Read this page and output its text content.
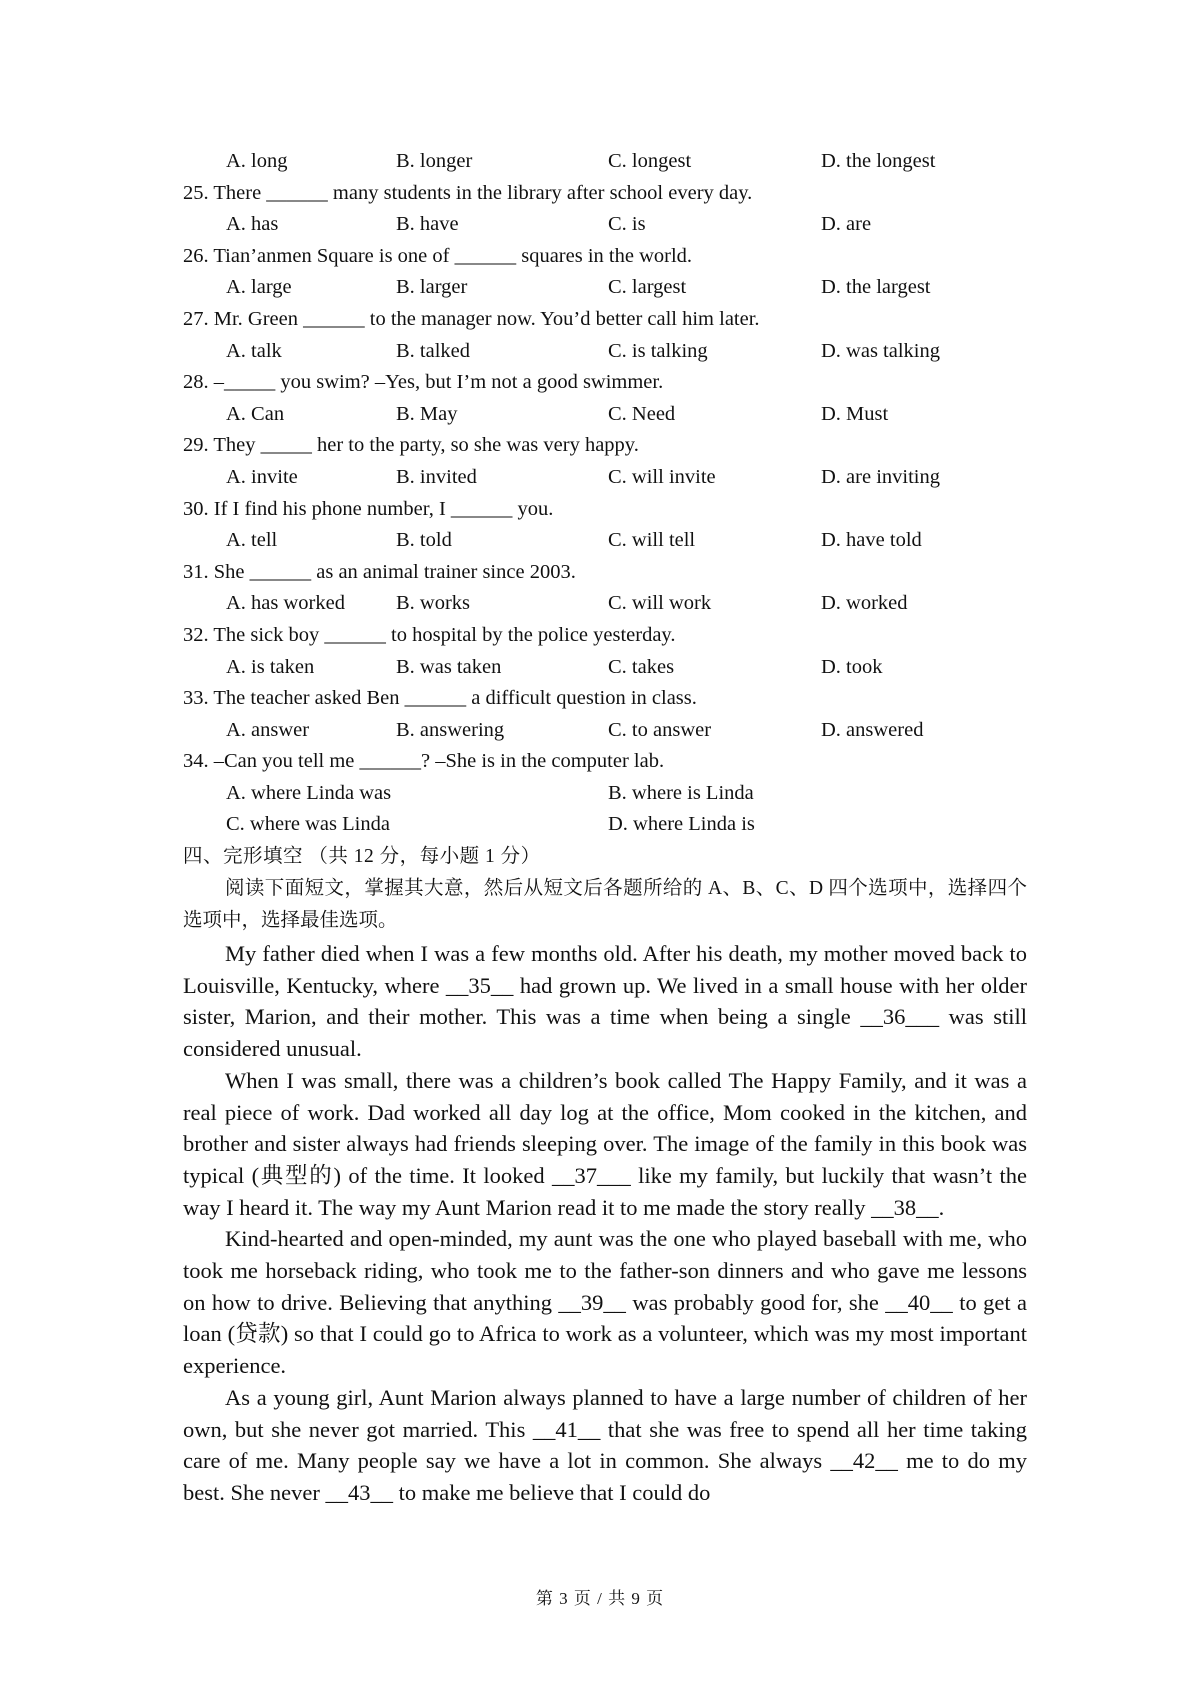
A. long	B. longer	C. longest	D. the longest
25. There ______ many students in the library after school every day.
A. has	B. have	C. is	D. are
26. Tian’anmen Square is one of ______ squares in the world.
A. large	B. larger	C. largest	D. the largest
27. Mr. Green ______ to the manager now. You’d better call him later.
A. talk	B. talked	C. is talking	D. was talking
28. –_____ you swim? –Yes, but I’m not a good swimmer.
A. Can	B. May	C. Need	D. Must
29. They _____ her to the party, so she was very happy.
A. invite	B. invited	C. will invite	D. are inviting
30. If I find his phone number, I ______ you.
A. tell	B. told	C. will tell	D. have told
31. She ______ as an animal trainer since 2003.
A. has worked B. works	C. will work	D. worked
32. The sick boy ______ to hospital by the police yesterday.
A. is taken	B. was taken	C. takes	D. took
33. The teacher asked Ben ______ a difficult question in class.
A. answer	B. answering	C. to answer	D. answered
34. –Can you tell me ______? –She is in the computer lab.
A. where Linda was	B. where is Linda
C. where was Linda	D. where Linda is
四、完形填空 （共 12 分，每小题 1 分）
阅读下面短文，掌握其大意，然后从短文后各题所给的 A、B、C、D 四个选项中，选择四个选项中，选择最佳选项。

My father died when I was a few months old. After his death, my mother moved back to Louisville, Kentucky, where __35__ had grown up. We lived in a small house with her older sister, Marion, and their mother. This was a time when being a single __36___ was still considered unusual.

When I was small, there was a children’s book called The Happy Family, and it was a real piece of work. Dad worked all day log at the office, Mom cooked in the kitchen, and brother and sister always had friends sleeping over. The image of the family in this book was typical (典型的) of the time. It looked __37___ like my family, but luckily that wasn’t the way I heard it. The way my Aunt Marion read it to me made the story really __38__.

Kind-hearted and open-minded, my aunt was the one who played baseball with me, who took me horseback riding, who took me to the father-son dinners and who gave me lessons on how to drive. Believing that anything __39__ was probably good for, she __40__ to get a loan (贷款) so that I could go to Africa to work as a volunteer, which was my most important experience.

As a young girl, Aunt Marion always planned to have a large number of children of her own, but she never got married. This __41__ that she was free to spend all her time taking care of me. Many people say we have a lot in common. She always __42__ me to do my best. She never __43__ to make me believe that I could do

第 3 页 / 共 9 页
